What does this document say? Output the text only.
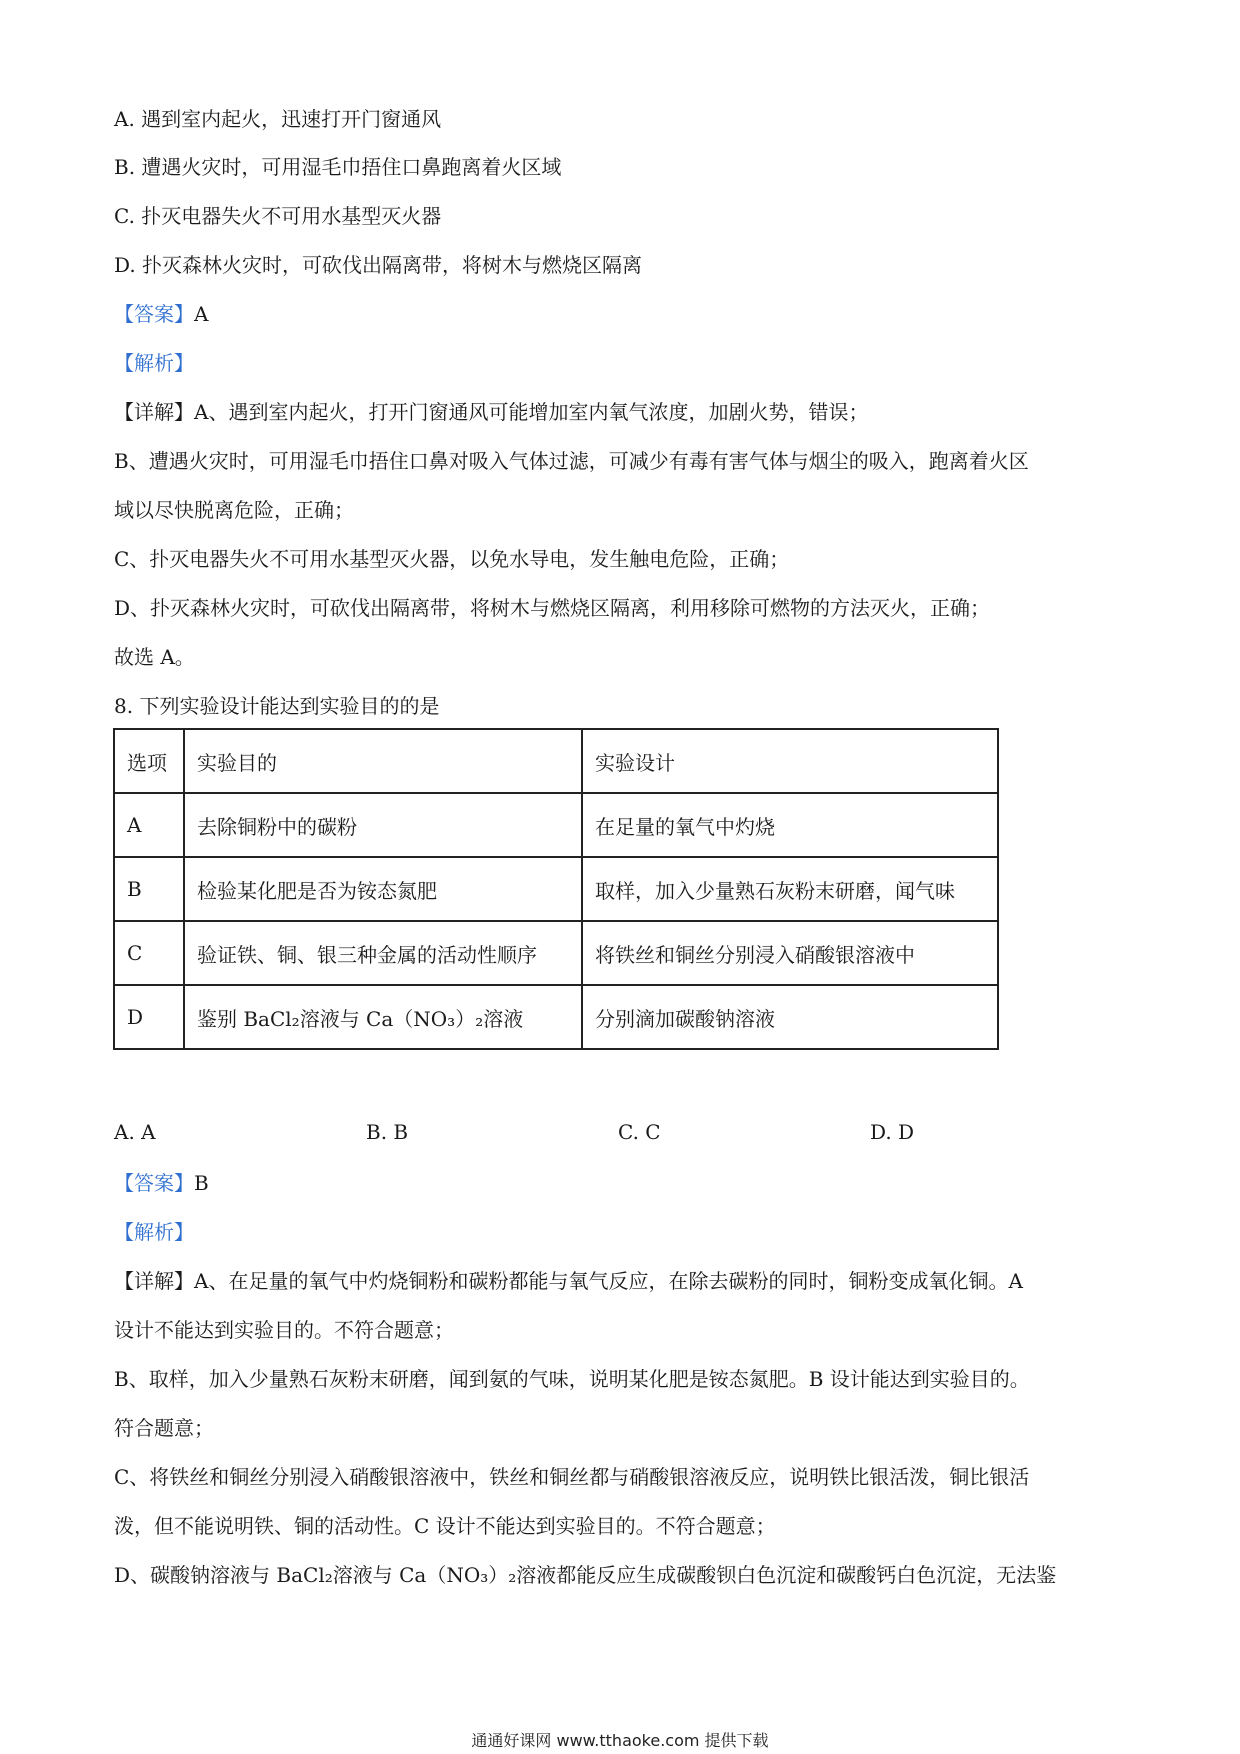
A. 遇到室内起火，迅速打开门窗通风
B. 遭遇火灾时，可用湿毛巾捂住口鼻跑离着火区域
C. 扑灭电器失火不可用水基型灭火器
D. 扑灭森林火灾时，可砍伐出隔离带，将树木与燃烧区隔离
【答案】A
【解析】
【详解】A、遇到室内起火，打开门窗通风可能增加室内氧气浓度，加剧火势，错误；
B、遭遇火灾时，可用湿毛巾捂住口鼻对吸入气体过滤，可减少有毒有害气体与烟尘的吸入，跑离着火区
域以尽快脱离危险，正确；
C、扑灭电器失火不可用水基型灭火器，以免水导电，发生触电危险，正确；
D、扑灭森林火灾时，可砍伐出隔离带，将树木与燃烧区隔离，利用移除可燃物的方法灭火，正确；
故选 A。
8. 下列实验设计能达到实验目的的是
选项	实验目的	实验设计
A	去除铜粉中的碳粉	在足量的氧气中灼烧
B	检验某化肥是否为铵态氮肥	取样，加入少量熟石灰粉末研磨，闻气味
C	验证铁、铜、银三种金属的活动性顺序	将铁丝和铜丝分别浸入硝酸银溶液中
D	鉴别 BaCl₂溶液与 Ca（NO₃）₂溶液	分别滴加碳酸钠溶液
A. A	B. B	C. C	D. D
【答案】B
【解析】
【详解】A、在足量的氧气中灼烧铜粉和碳粉都能与氧气反应，在除去碳粉的同时，铜粉变成氧化铜。A
设计不能达到实验目的。不符合题意；
B、取样，加入少量熟石灰粉末研磨，闻到氨的气味，说明某化肥是铵态氮肥。B 设计能达到实验目的。
符合题意；
C、将铁丝和铜丝分别浸入硝酸银溶液中，铁丝和铜丝都与硝酸银溶液反应，说明铁比银活泼，铜比银活
泼，但不能说明铁、铜的活动性。C 设计不能达到实验目的。不符合题意；
D、碳酸钠溶液与 BaCl₂溶液与 Ca（NO₃）₂溶液都能反应生成碳酸钡白色沉淀和碳酸钙白色沉淀，无法鉴
通通好课网 www.tthaoke.com 提供下载
